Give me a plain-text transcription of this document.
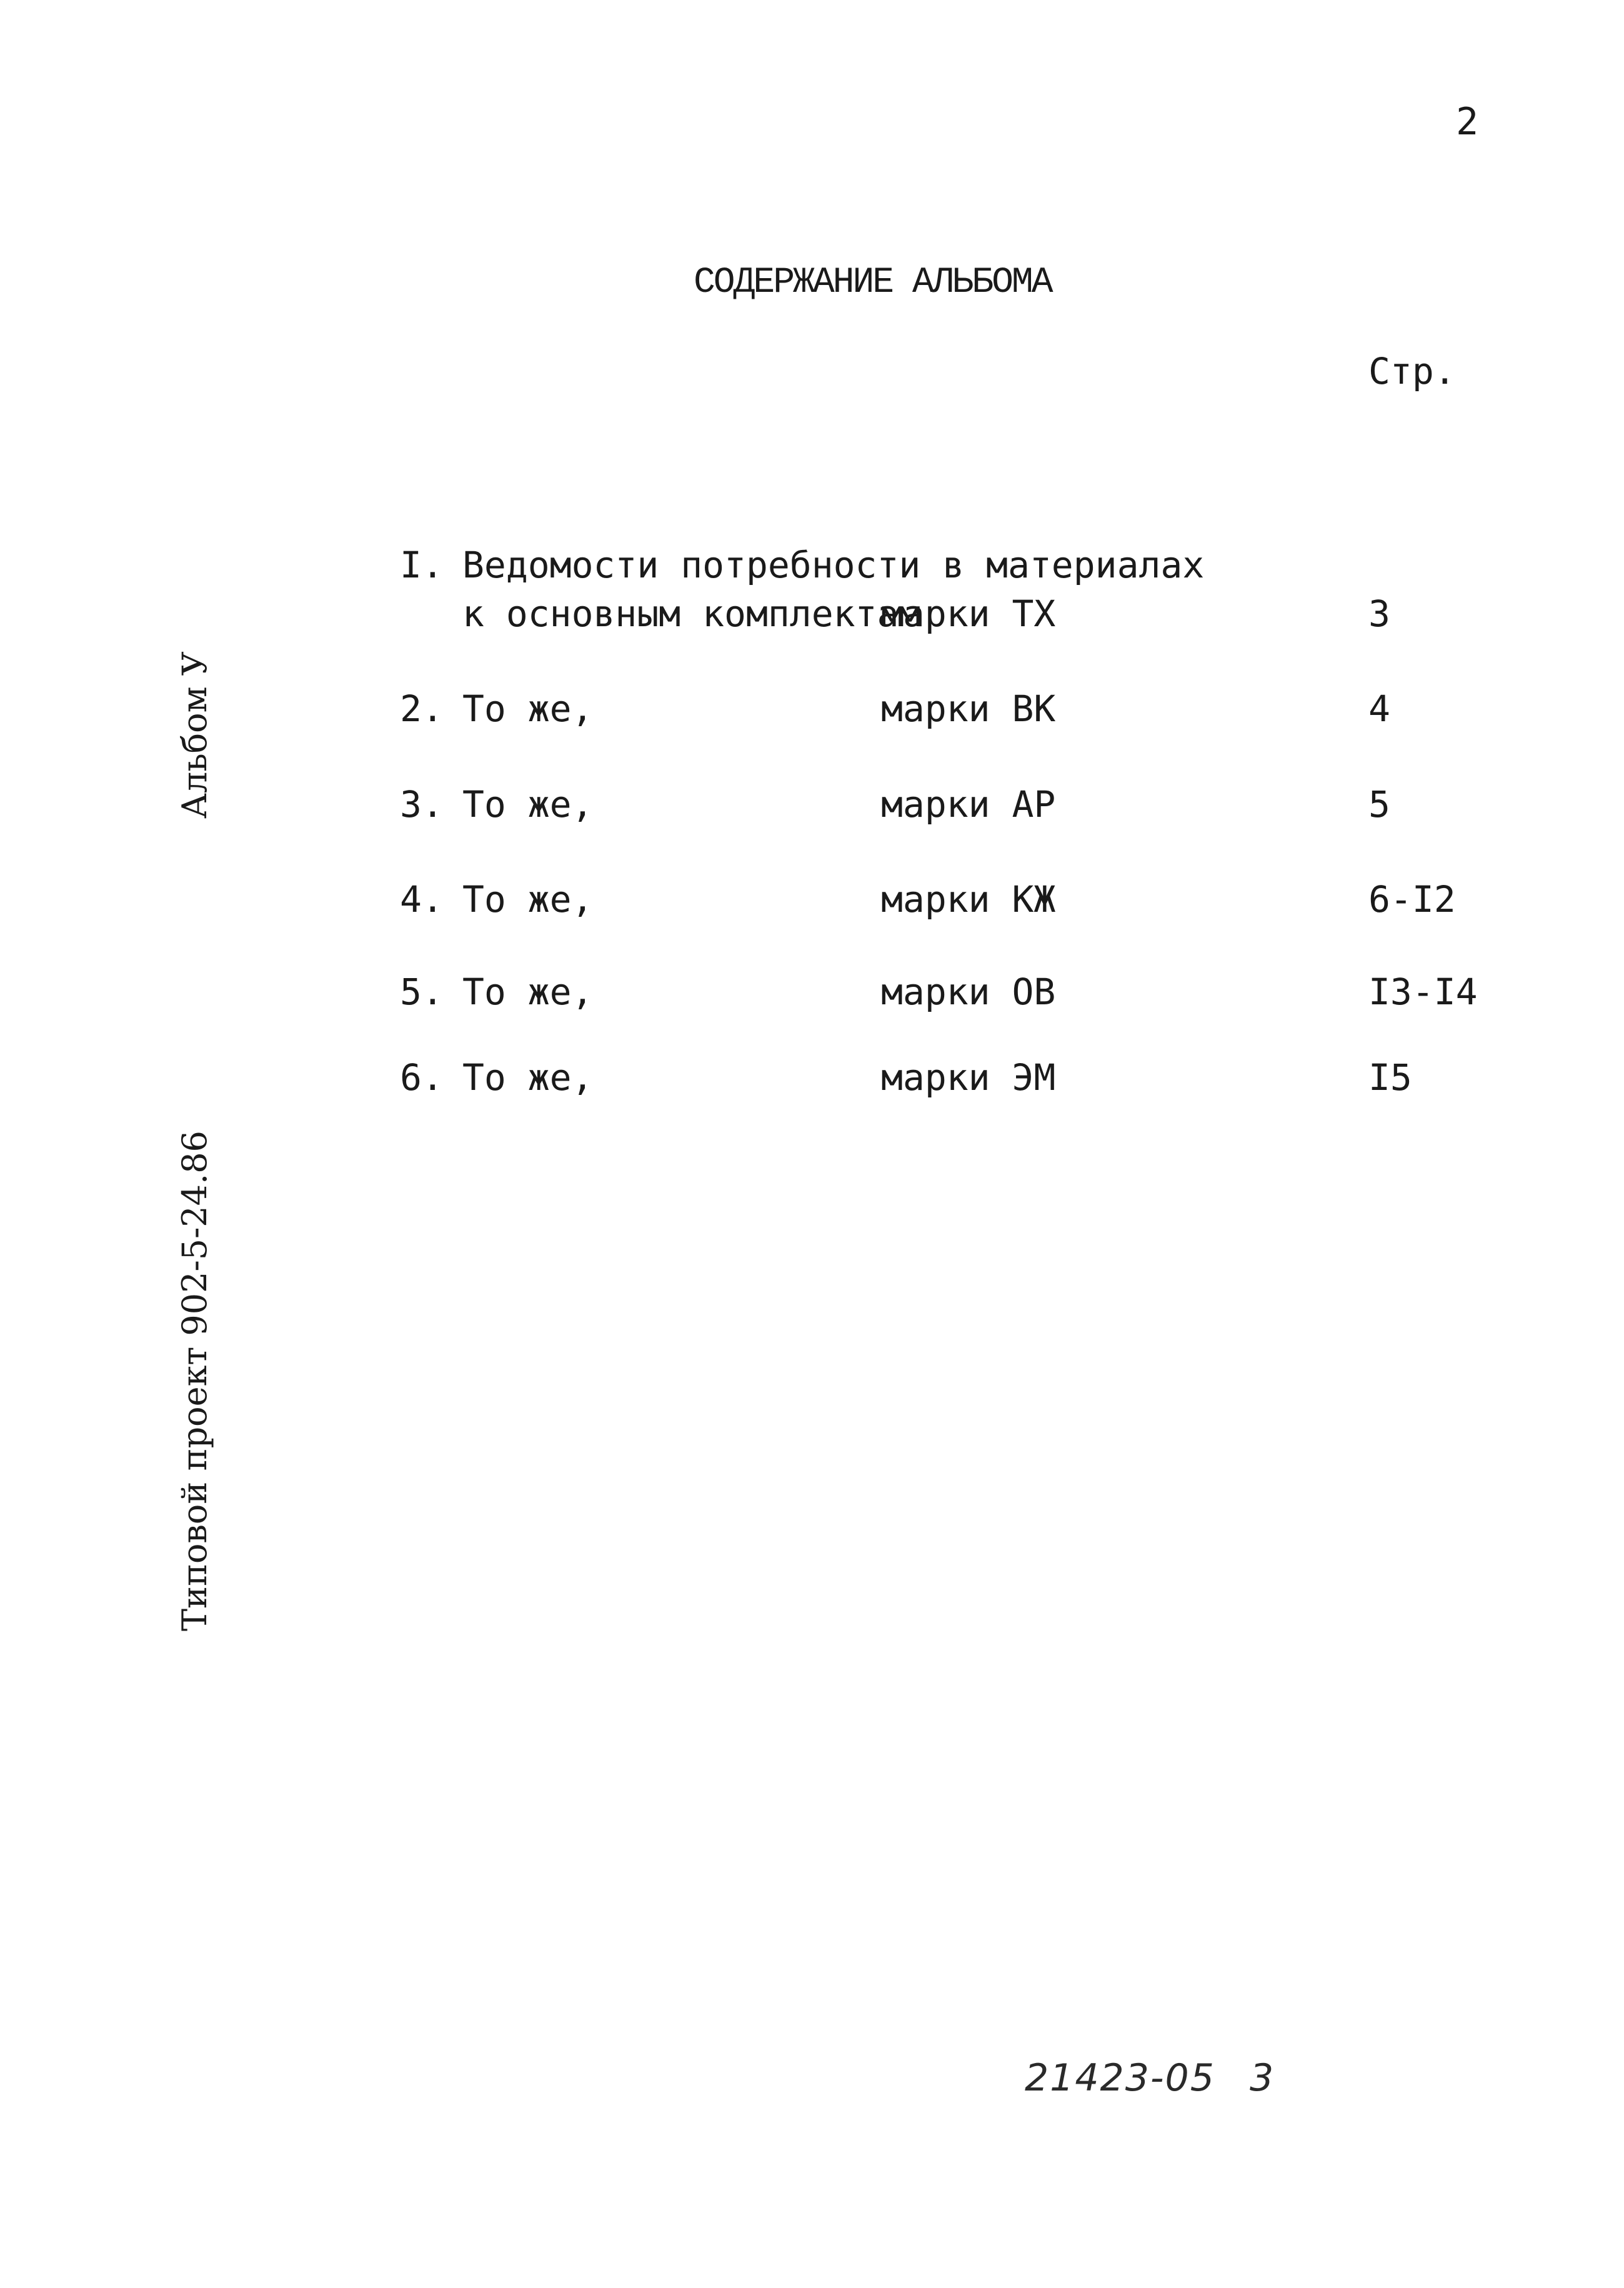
2
СОДЕРЖАНИЕ АЛЬБОМА
Стр.
I. Ведомости потребности в материалах
к основным комплектам
марки ТХ	3
2. То же,	марки ВК	4
3. То же,	марки АР	5
4. То же,	марки КЖ	6-I2
5. То же,	марки ОВ	I3-I4
6. То же,	марки ЭМ	I5
Альбом У
Типовой проект 902-5-24.86
21423-05 3
